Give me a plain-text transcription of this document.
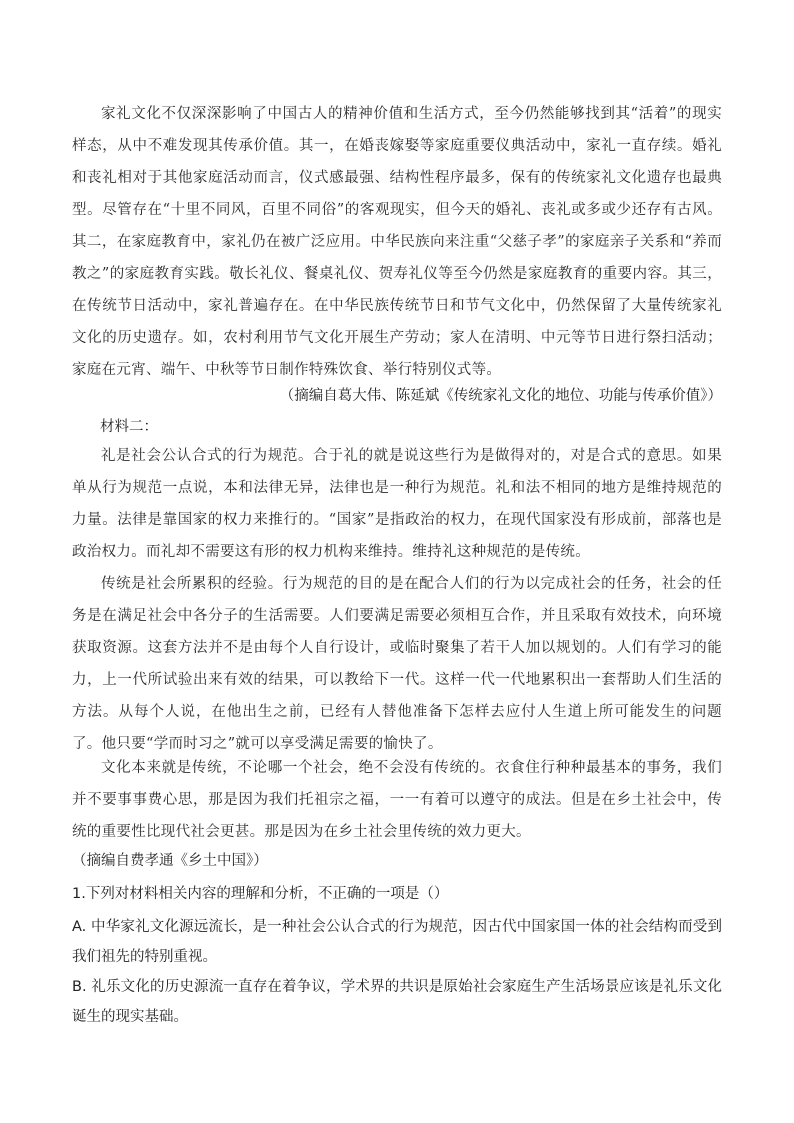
家礼文化不仅深深影响了中国古人的精神价值和生活方式，至今仍然能够找到其“活着”的现实样态，从中不难发现其传承价值。其一，在婚丧嫁娶等家庭重要仪典活动中，家礼一直存续。婚礼和丧礼相对于其他家庭活动而言，仪式感最强、结构性程序最多，保有的传统家礼文化遗存也最典型。尽管存在“十里不同风，百里不同俗”的客观现实，但今天的婚礼、丧礼或多或少还存有古风。其二，在家庭教育中，家礼仍在被广泛应用。中华民族向来注重“父慈子孝”的家庭亲子关系和“养而教之”的家庭教育实践。敬长礼仪、餐桌礼仪、贺寿礼仪等至今仍然是家庭教育的重要内容。其三，在传统节日活动中，家礼普遍存在。在中华民族传统节日和节气文化中，仍然保留了大量传统家礼文化的历史遗存。如，农村利用节气文化开展生产劳动；家人在清明、中元等节日进行祭扫活动；家庭在元宵、端午、中秋等节日制作特殊饮食、举行特别仪式等。

（摘编自葛大伟、陈延斌《传统家礼文化的地位、功能与传承价值》）
材料二：

礼是社会公认合式的行为规范。合于礼的就是说这些行为是做得对的，对是合式的意思。如果单从行为规范一点说，本和法律无异，法律也是一种行为规范。礼和法不相同的地方是维持规范的力量。法律是靠国家的权力来推行的。“国家”是指政治的权力，在现代国家没有形成前，部落也是政治权力。而礼却不需要这有形的权力机构来维持。维持礼这种规范的是传统。

传统是社会所累积的经验。行为规范的目的是在配合人们的行为以完成社会的任务，社会的任务是在满足社会中各分子的生活需要。人们要满足需要必须相互合作，并且采取有效技术，向环境获取资源。这套方法并不是由每个人自行设计，或临时聚集了若干人加以规划的。人们有学习的能力，上一代所试验出来有效的结果，可以教给下一代。这样一代一代地累积出一套帮助人们生活的方法。从每个人说，在他出生之前，已经有人替他准备下怎样去应付人生道上所可能发生的问题了。他只要“学而时习之”就可以享受满足需要的愉快了。

文化本来就是传统，不论哪一个社会，绝不会没有传统的。衣食住行种种最基本的事务，我们并不要事事费心思，那是因为我们托祖宗之福，一一有着可以遵守的成法。但是在乡土社会中，传统的重要性比现代社会更甚。那是因为在乡土社会里传统的效力更大。

（摘编自费孝通《乡土中国》）
1.下列对材料相关内容的理解和分析，不正确的一项是（）

A. 中华家礼文化源远流长，是一种社会公认合式的行为规范，因古代中国家国一体的社会结构而受到我们祖先的特别重视。

B. 礼乐文化的历史源流一直存在着争议，学术界的共识是原始社会家庭生产生活场景应该是礼乐文化诞生的现实基础。
